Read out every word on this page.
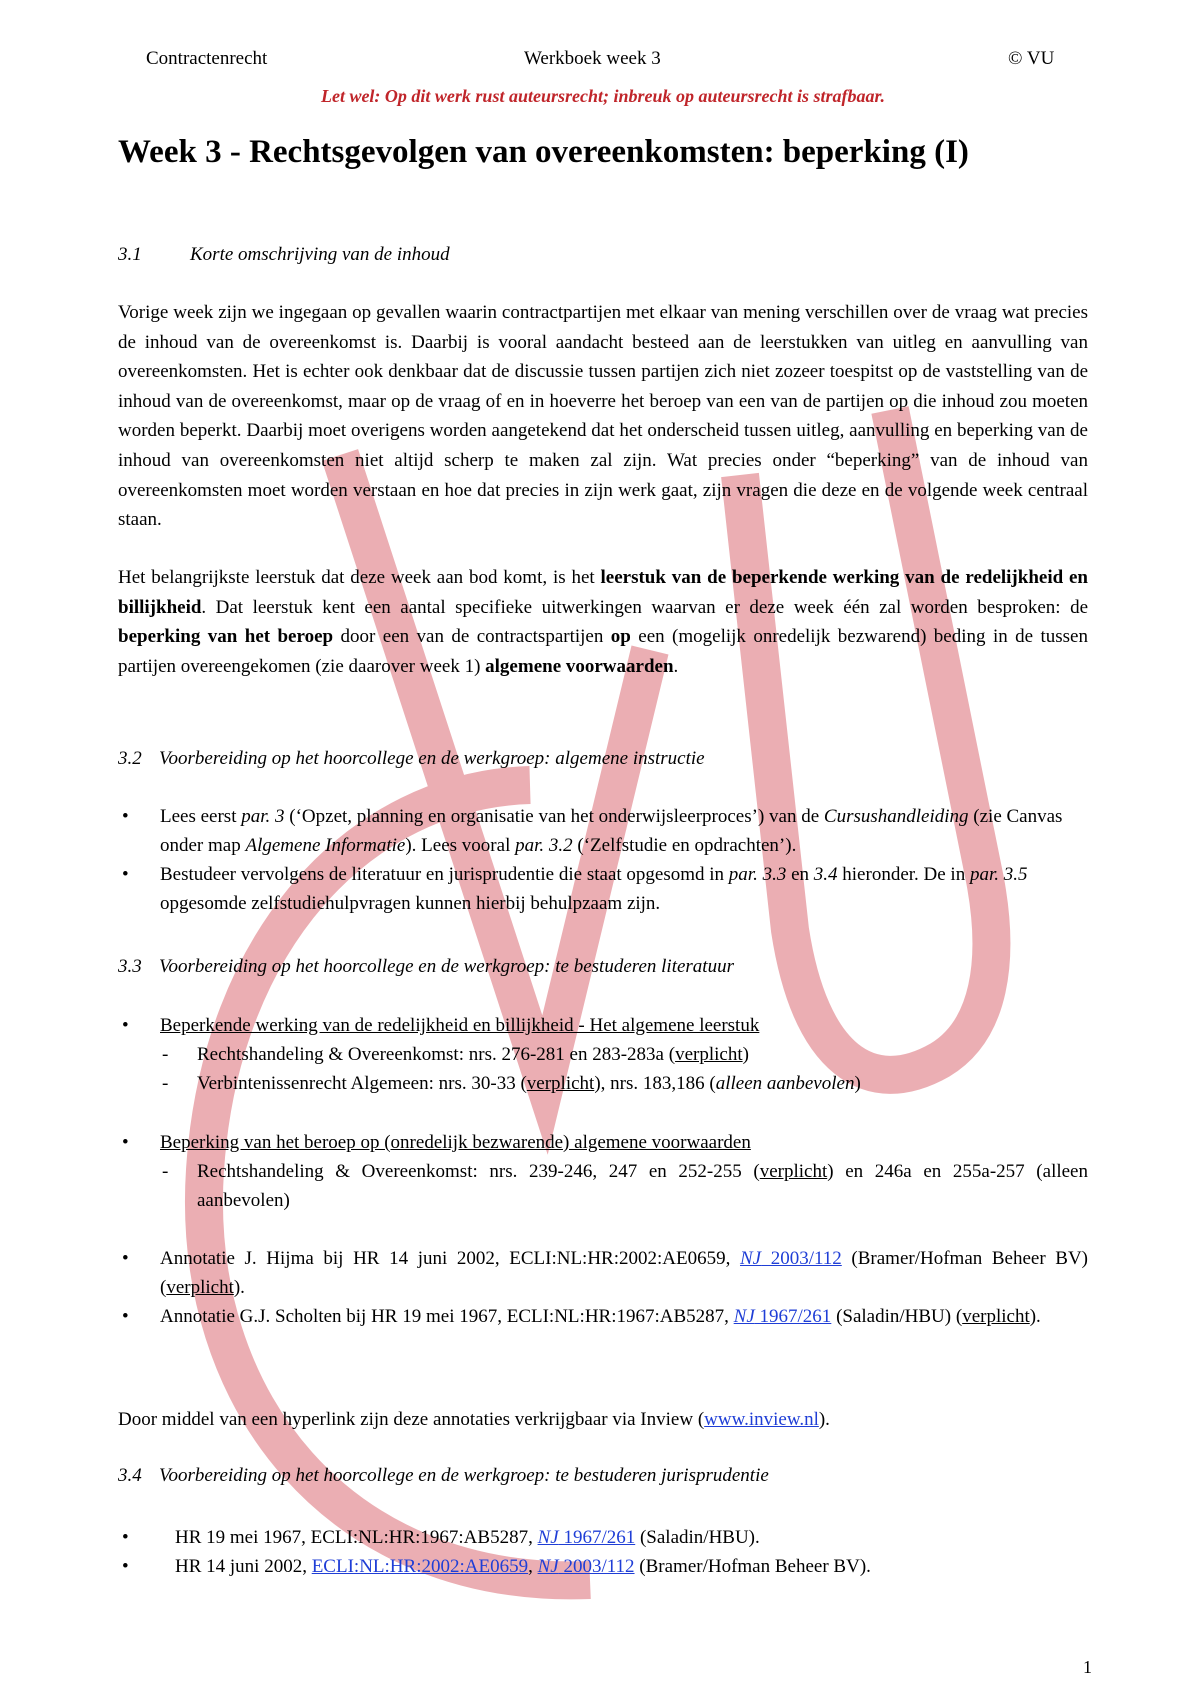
Contractenrecht	Werkboek week 3	© VU
Let wel: Op dit werk rust auteursrecht; inbreuk op auteursrecht is strafbaar.
Week 3 - Rechtsgevolgen van overeenkomsten: beperking (I)
3.1	Korte omschrijving van de inhoud

Vorige week zijn we ingegaan op gevallen waarin contractpartijen met elkaar van mening verschillen over de vraag wat precies de inhoud van de overeenkomst is. Daarbij is vooral aandacht besteed aan de leerstukken van uitleg en aanvulling van overeenkomsten. Het is echter ook denkbaar dat de discussie tussen partijen zich niet zozeer toespitst op de vaststelling van de inhoud van de overeenkomst, maar op de vraag of en in hoeverre het beroep van een van de partijen op die inhoud zou moeten worden beperkt. Daarbij moet overigens worden aangetekend dat het onderscheid tussen uitleg, aanvulling en beperking van de inhoud van overeenkomsten niet altijd scherp te maken zal zijn. Wat precies onder “beperking” van de inhoud van overeenkomsten moet worden verstaan en hoe dat precies in zijn werk gaat, zijn vragen die deze en de volgende week centraal staan.

Het belangrijkste leerstuk dat deze week aan bod komt, is het leerstuk van de beperkende werking van de redelijkheid en billijkheid. Dat leerstuk kent een aantal specifieke uitwerkingen waarvan er deze week één zal worden besproken: de beperking van het beroep door een van de contractspartijen op een (mogelijk onredelijk bezwarend) beding in de tussen partijen overeengekomen (zie daarover week 1) algemene voorwaarden.

3.2 Voorbereiding op het hoorcollege en de werkgroep: algemene instructie
• Lees eerst par. 3 (‘Opzet, planning en organisatie van het onderwijsleerproces’) van de Cursushandleiding (zie Canvas onder map Algemene Informatie). Lees vooral par. 3.2 (‘Zelfstudie en opdrachten’).
• Bestudeer vervolgens de literatuur en jurisprudentie die staat opgesomd in par. 3.3 en 3.4 hieronder. De in par. 3.5 opgesomde zelfstudiehulpvragen kunnen hierbij behulpzaam zijn.
3.3 Voorbereiding op het hoorcollege en de werkgroep: te bestuderen literatuur
• Beperkende werking van de redelijkheid en billijkheid - Het algemene leerstuk
- Rechtshandeling & Overeenkomst: nrs. 276-281 en 283-283a (verplicht)
- Verbintenissenrecht Algemeen: nrs. 30-33 (verplicht), nrs. 183,186 (alleen aanbevolen)
• Beperking van het beroep op (onredelijk bezwarende) algemene voorwaarden
- Rechtshandeling & Overeenkomst: nrs. 239-246, 247 en 252-255 (verplicht) en 246a en 255a-257 (alleen aanbevolen)
• Annotatie J. Hijma bij HR 14 juni 2002, ECLI:NL:HR:2002:AE0659, NJ 2003/112 (Bramer/Hofman Beheer BV) (verplicht).
• Annotatie G.J. Scholten bij HR 19 mei 1967, ECLI:NL:HR:1967:AB5287, NJ 1967/261 (Saladin/HBU) (verplicht).

Door middel van een hyperlink zijn deze annotaties verkrijgbaar via Inview (www.inview.nl).

3.4 Voorbereiding op het hoorcollege en de werkgroep: te bestuderen jurisprudentie
• HR 19 mei 1967, ECLI:NL:HR:1967:AB5287, NJ 1967/261 (Saladin/HBU).
• HR 14 juni 2002, ECLI:NL:HR:2002:AE0659, NJ 2003/112 (Bramer/Hofman Beheer BV).
1
